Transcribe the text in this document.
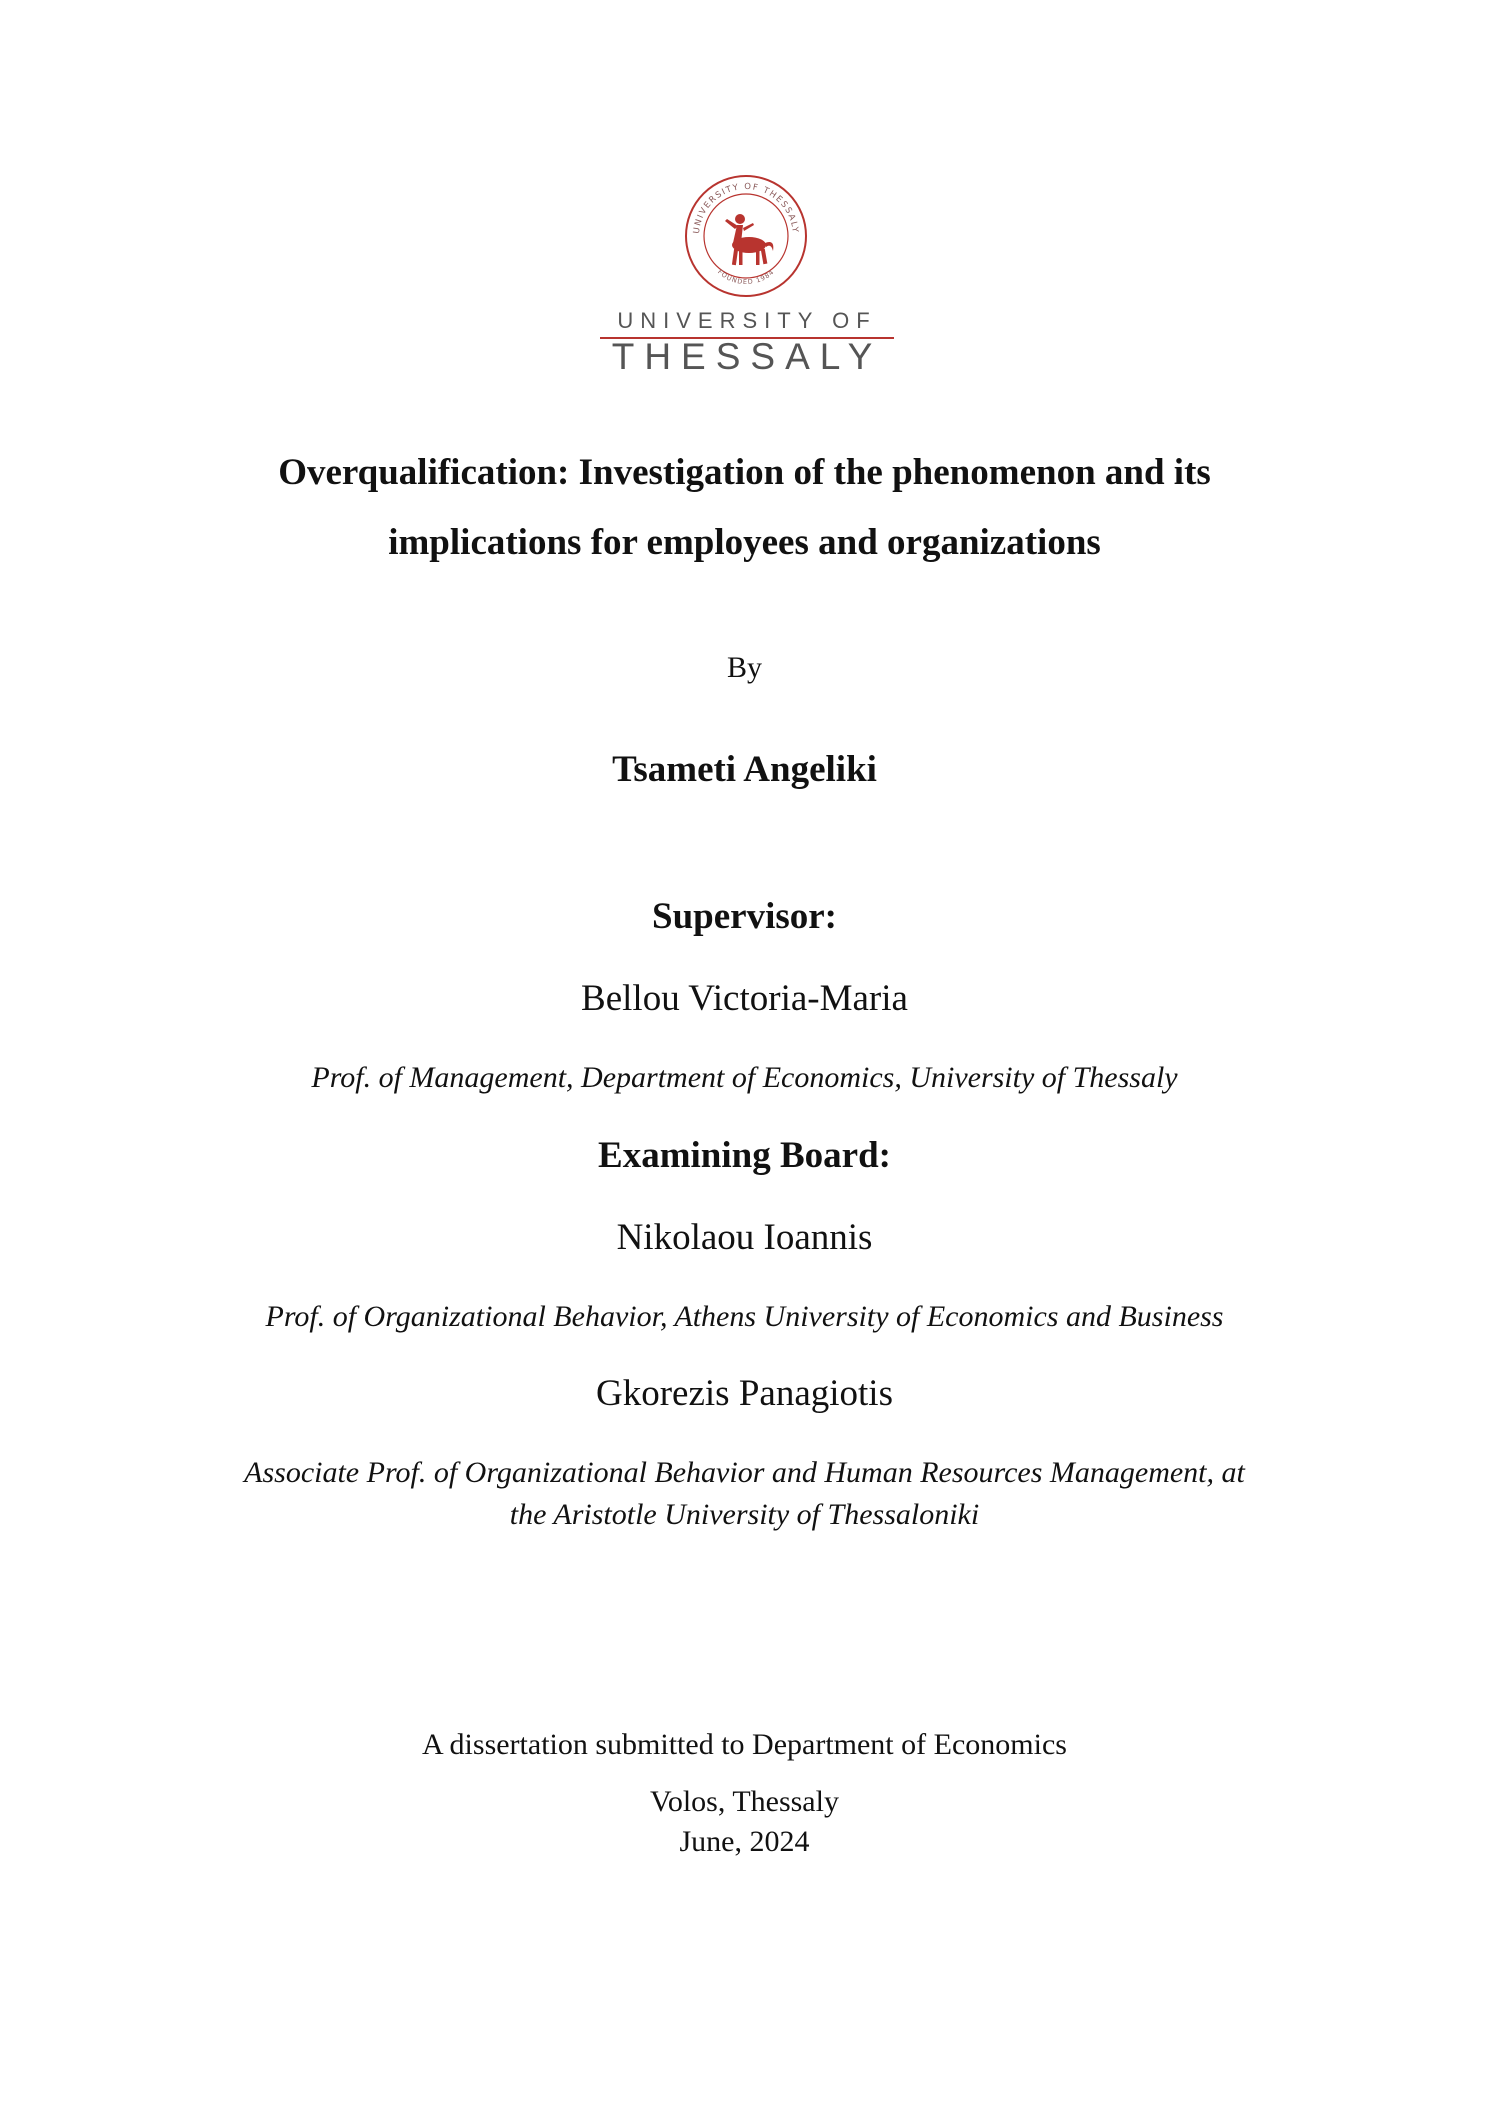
UNIVERSITY OF THESSALY
FOUNDED 1984
UNIVERSITY OF
THESSALY
Overqualification: Investigation of the phenomenon and its
implications for employees and organizations
By
Tsameti Angeliki
Supervisor:
Bellou Victoria-Maria
Prof. of Management, Department of Economics, University of Thessaly
Examining Board:
Nikolaou Ioannis
Prof. of Organizational Behavior, Athens University of Economics and Business
Gkorezis Panagiotis
Associate Prof. of Organizational Behavior and Human Resources Management, at
the Aristotle University of Thessaloniki
A dissertation submitted to Department of Economics
Volos, Thessaly
June, 2024
